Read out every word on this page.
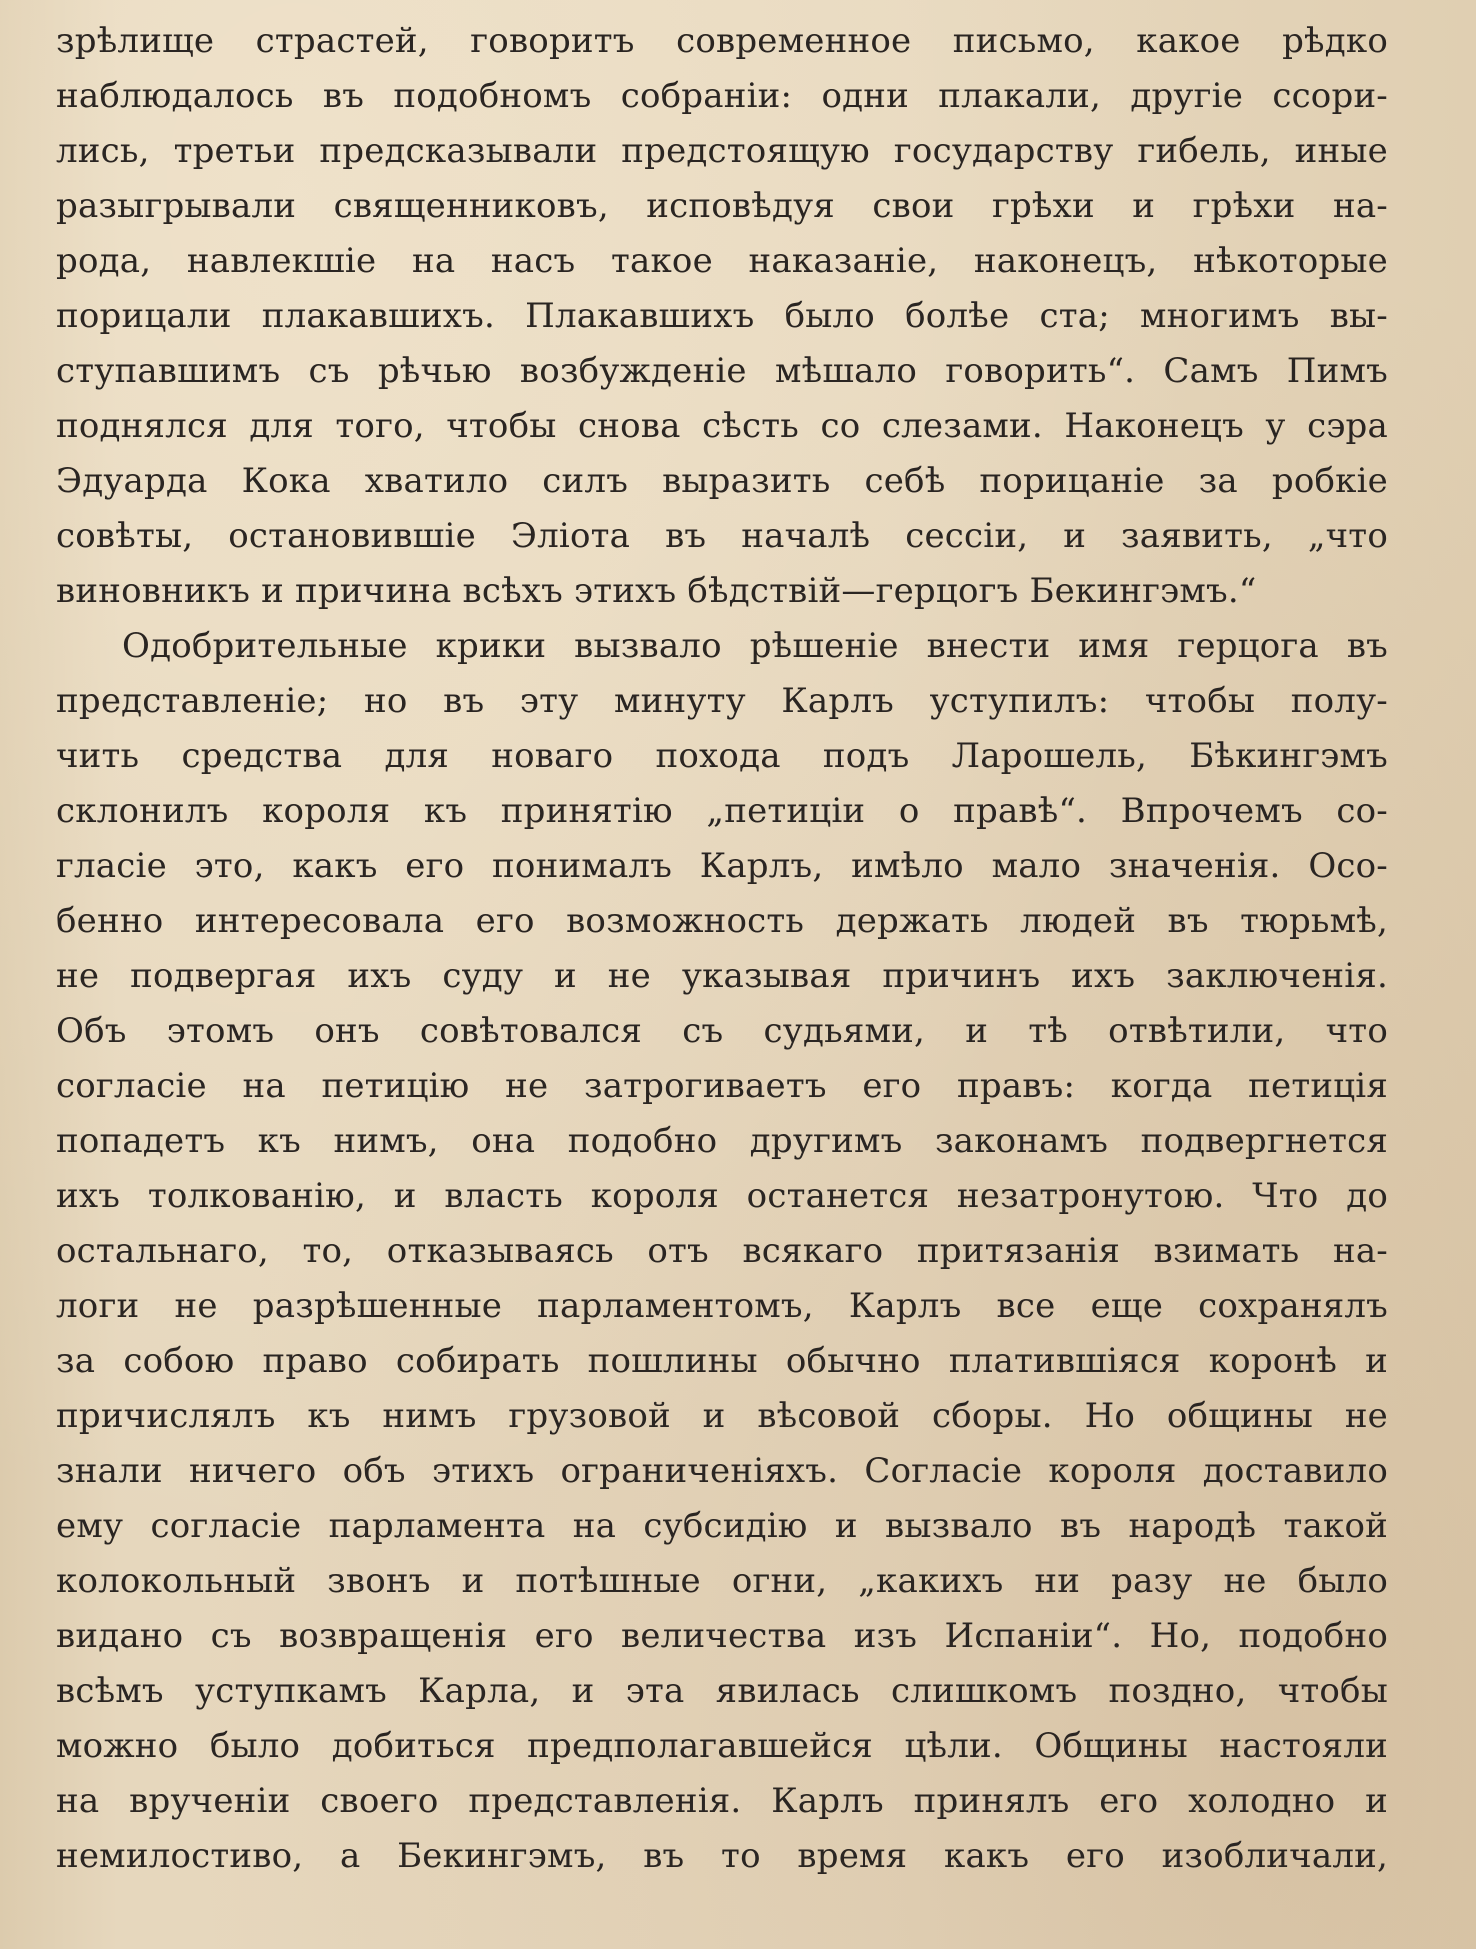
зрѣлище страстей, говоритъ современное письмо, какое рѣдко
наблюдалось въ подобномъ собраніи: одни плакали, другіе ссори-
лись, третьи предсказывали предстоящую государству гибель, иные
разыгрывали священниковъ, исповѣдуя свои грѣхи и грѣхи на-
рода, навлекшіе на насъ такое наказаніе, наконецъ, нѣкоторые
порицали плакавшихъ. Плакавшихъ было болѣе ста; многимъ вы-
ступавшимъ съ рѣчью возбужденіе мѣшало говорить“. Самъ Пимъ
поднялся для того, чтобы снова сѣсть со слезами. Наконецъ у сэра
Эдуарда Кока хватило силъ выразить себѣ порицаніе за робкіе
совѣты, остановившіе Эліота въ началѣ сессіи, и заявить, „что
виновникъ и причина всѣхъ этихъ бѣдствій—герцогъ Бекингэмъ.“
Одобрительные крики вызвало рѣшеніе внести имя герцога въ
представленіе; но въ эту минуту Карлъ уступилъ: чтобы полу-
чить средства для новаго похода подъ Ларошель, Бѣкингэмъ
склонилъ короля къ принятію „петиціи о правѣ“. Впрочемъ со-
гласіе это, какъ его понималъ Карлъ, имѣло мало значенія. Осо-
бенно интересовала его возможность держать людей въ тюрьмѣ,
не подвергая ихъ суду и не указывая причинъ ихъ заключенія.
Объ этомъ онъ совѣтовался съ судьями, и тѣ отвѣтили, что
согласіе на петицію не затрогиваетъ его правъ: когда петиція
попадетъ къ нимъ, она подобно другимъ законамъ подвергнется
ихъ толкованію, и власть короля останется незатронутою. Что до
остальнаго, то, отказываясь отъ всякаго притязанія взимать на-
логи не разрѣшенные парламентомъ, Карлъ все еще сохранялъ
за собою право собирать пошлины обычно платившіяся коронѣ и
причислялъ къ нимъ грузовой и вѣсовой сборы. Но общины не
знали ничего объ этихъ ограниченіяхъ. Согласіе короля доставило
ему согласіе парламента на субсидію и вызвало въ народѣ такой
колокольный звонъ и потѣшные огни, „какихъ ни разу не было
видано съ возвращенія его величества изъ Испаніи“. Но, подобно
всѣмъ уступкамъ Карла, и эта явилась слишкомъ поздно, чтобы
можно было добиться предполагавшейся цѣли. Общины настояли
на врученіи своего представленія. Карлъ принялъ его холодно и
немилостиво, а Бекингэмъ, въ то время какъ его изобличали,
